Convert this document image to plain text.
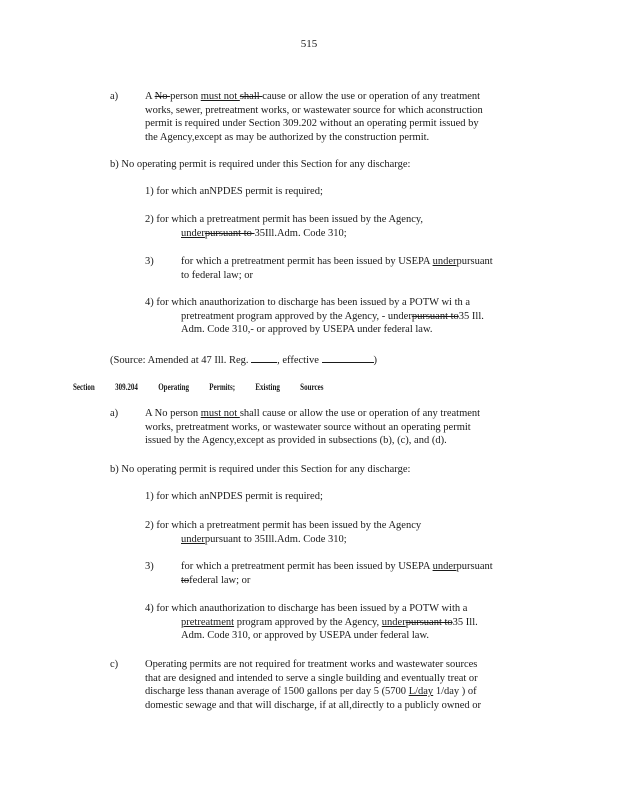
515
a)	A No person must not shall cause or allow the use or operation of any treatment
works, sewer, pretreatment works, or wastewater source for which aconstruction
permit is required under Section 309.202 without an operating permit issued by
the Agency,except as may be authorized by the construction permit.
b) No operating permit is required under this Section for any discharge:
1) for which anNPDES permit is required;
2) for which a pretreatment permit has been issued by the Agency,
underpursuant to 35Ill.Adm. Code 310;
3)	for which a pretreatment permit has been issued by USEPA underpursuant
to federal law; or
4) for which anauthorization to discharge has been issued by a POTW wi th a
pretreatment program approved by the Agency, - underpursuant to35 Ill.
Adm. Code 310,- or approved by USEPA under federal law.
(Source: Amended at 47 Ill. Reg. , effective	)
Section 309.204 Operating Permits; Existing Sources
a)	A No person must not shall cause or allow the use or operation of any treatment
works, pretreatment works, or wastewater source without an operating permit
issued by the Agency,except as provided in subsections (b), (c), and (d).
b) No operating permit is required under this Section for any discharge:
1) for which anNPDES permit is required;
2) for which a pretreatment permit has been issued by the Agency
underpursuant to 35Ill.Adm. Code 310;
3)	for which a pretreatment permit has been issued by USEPA underpursuant
tofederal law; or
4) for which anauthorization to discharge has been issued by a POTW with a
pretreatment program approved by the Agency, underpursuant to35 Ill.
Adm. Code 310, or approved by USEPA under federal law.
c)	Operating permits are not required for treatment works and wastewater sources
that are designed and intended to serve a single building and eventually treat or
discharge less thanan average of 1500 gallons per day 5 (5700 L/day 1/day ) of
domestic sewage and that will discharge, if at all,directly to a publicly owned or
